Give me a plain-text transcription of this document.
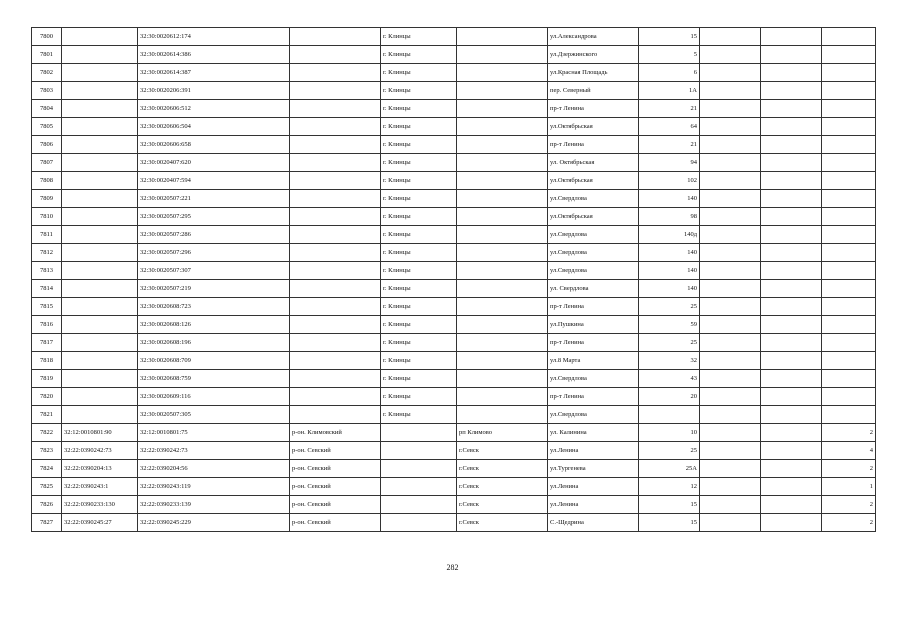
7800		32:30:0020612:174		г. Клинцы		ул.Александрова	15			
7801		32:30:0020614:386		г. Клинцы		ул.Дзержинского	5			
7802		32:30:0020614:387		г. Клинцы		ул.Красная Площадь	6			
7803		32:30:0020206:391		г. Клинцы		пер. Северный	1А			
7804		32:30:0020606:512		г. Клинцы		пр-т Ленина	21			
7805		32:30:0020606:504		г. Клинцы		ул.Октябрьская	64			
7806		32:30:0020606:658		г. Клинцы		пр-т Ленина	21			
7807		32:30:0020407:620		г. Клинцы		ул. Октябрьская	94			
7808		32:30:0020407:594		г. Клинцы		ул.Октябрьская	102			
7809		32:30:0020507:221		г. Клинцы		ул.Свердлова	140			
7810		32:30:0020507:295		г. Клинцы		ул.Октябрьская	98			
7811		32:30:0020507:286		г. Клинцы		ул.Свердлова	140д			
7812		32:30:0020507:296		г. Клинцы		ул.Свердлова	140			
7813		32:30:0020507:307		г. Клинцы		ул.Свердлова	140			
7814		32:30:0020507:219		г. Клинцы		ул. Свердлова	140			
7815		32:30:0020608:723		г. Клинцы		пр-т Ленина	25			
7816		32:30:0020608:126		г. Клинцы		ул.Пушкина	59			
7817		32:30:0020608:196		г. Клинцы		пр-т Ленина	25			
7818		32:30:0020608:709		г. Клинцы		ул.8 Марта	32			
7819		32:30:0020608:759		г. Клинцы		ул.Свердлова	43			
7820		32:30:0020609:116		г. Клинцы		пр-т Ленина	20			
7821		32:30:0020507:305		г. Клинцы		ул.Свердлова				
7822	32:12:0010801:90	32:12:0010801:75	р-он. Климовский		рп Климово	ул. Калинина	10			2
7823	32:22:0390242:73	32:22:0390242:73	р-он. Севский		г.Севск	ул.Ленина	25			4
7824	32:22:0390204:13	32:22:0390204:56	р-он. Севский		г.Севск	ул.Тургенева	25А			2
7825	32:22:0390243:1	32:22:0390243:119	р-он. Севский		г.Севск	ул.Ленина	12			1
7826	32:22:0390233:130	32:22:0390233:139	р-он. Севский		г.Севск	ул.Ленина	15			2
7827	32:22:0390245:27	32:22:0390245:229	р-он. Севский		г.Севск	С.-Щедрина	15			2
282
